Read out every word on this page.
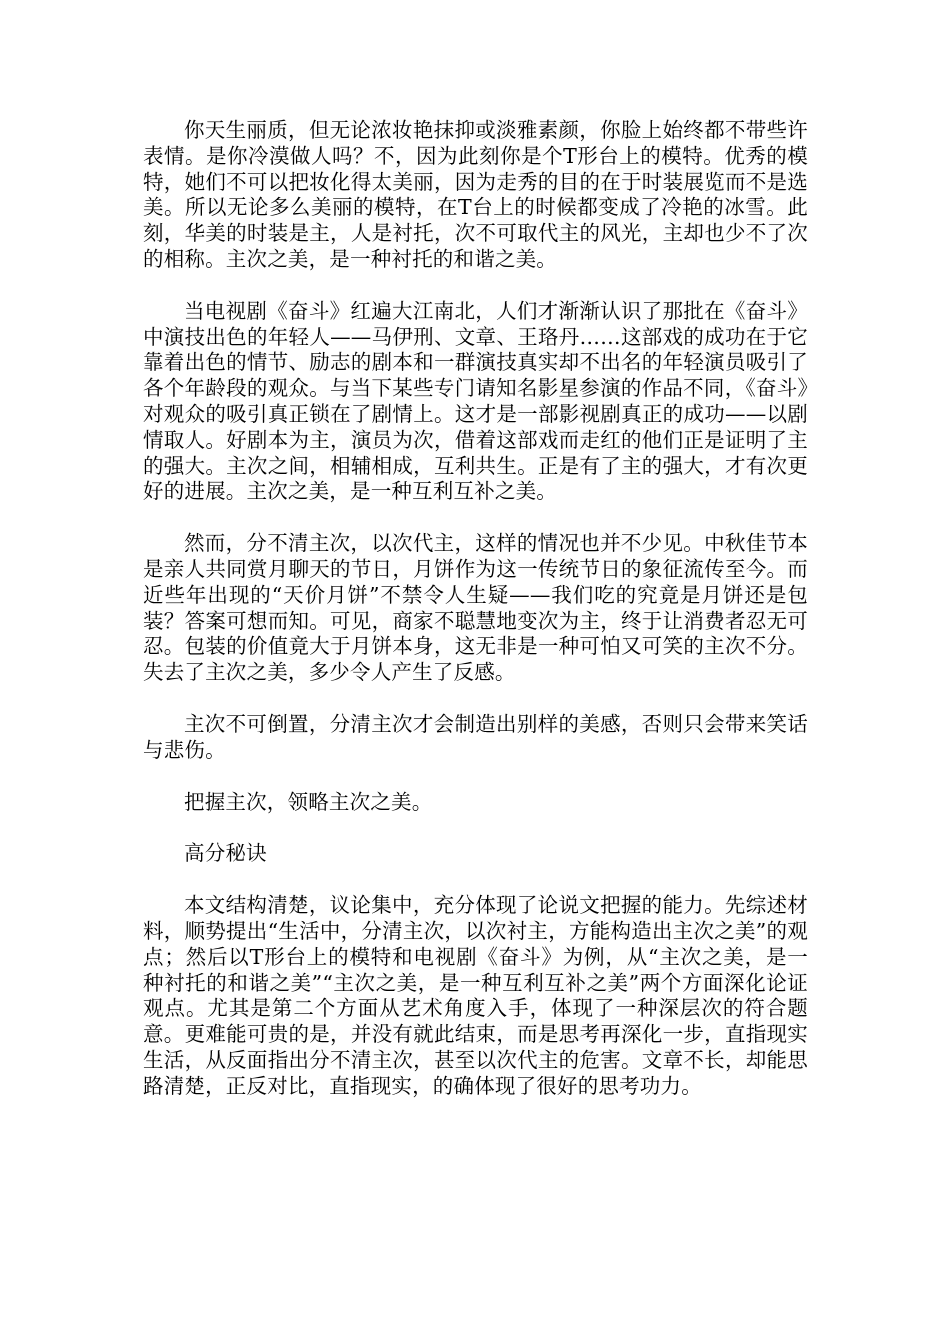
你天生丽质，但无论浓妆艳抹抑或淡雅素颜，你脸上始终都不带些许表情。是你冷漠做人吗？不，因为此刻你是个T形台上的模特。优秀的模特，她们不可以把妆化得太美丽，因为走秀的目的在于时装展览而不是选美。所以无论多么美丽的模特，在T台上的时候都变成了冷艳的冰雪。此刻，华美的时装是主，人是衬托，次不可取代主的风光，主却也少不了次的相称。主次之美，是一种衬托的和谐之美。

当电视剧《奋斗》红遍大江南北，人们才渐渐认识了那批在《奋斗》中演技出色的年轻人——马伊刑、文章、王珞丹……这部戏的成功在于它靠着出色的情节、励志的剧本和一群演技真实却不出名的年轻演员吸引了各个年龄段的观众。与当下某些专门请知名影星参演的作品不同，《奋斗》对观众的吸引真正锁在了剧情上。这才是一部影视剧真正的成功——以剧情取人。好剧本为主，演员为次，借着这部戏而走红的他们正是证明了主的强大。主次之间，相辅相成，互利共生。正是有了主的强大，才有次更好的进展。主次之美，是一种互利互补之美。

然而，分不清主次，以次代主，这样的情况也并不少见。中秋佳节本是亲人共同赏月聊天的节日，月饼作为这一传统节日的象征流传至今。而近些年出现的“天价月饼”不禁令人生疑——我们吃的究竟是月饼还是包装？答案可想而知。可见，商家不聪慧地变次为主，终于让消费者忍无可忍。包装的价值竟大于月饼本身，这无非是一种可怕又可笑的主次不分。失去了主次之美，多少令人产生了反感。

主次不可倒置，分清主次才会制造出别样的美感，否则只会带来笑话与悲伤。

把握主次，领略主次之美。

高分秘诀

本文结构清楚，议论集中，充分体现了论说文把握的能力。先综述材料，顺势提出“生活中，分清主次，以次衬主，方能构造出主次之美”的观点；然后以T形台上的模特和电视剧《奋斗》为例，从“主次之美，是一种衬托的和谐之美”“主次之美，是一种互利互补之美”两个方面深化论证观点。尤其是第二个方面从艺术角度入手，体现了一种深层次的符合题意。更难能可贵的是，并没有就此结束，而是思考再深化一步，直指现实生活，从反面指出分不清主次，甚至以次代主的危害。文章不长，却能思路清楚，正反对比，直指现实，的确体现了很好的思考功力。
